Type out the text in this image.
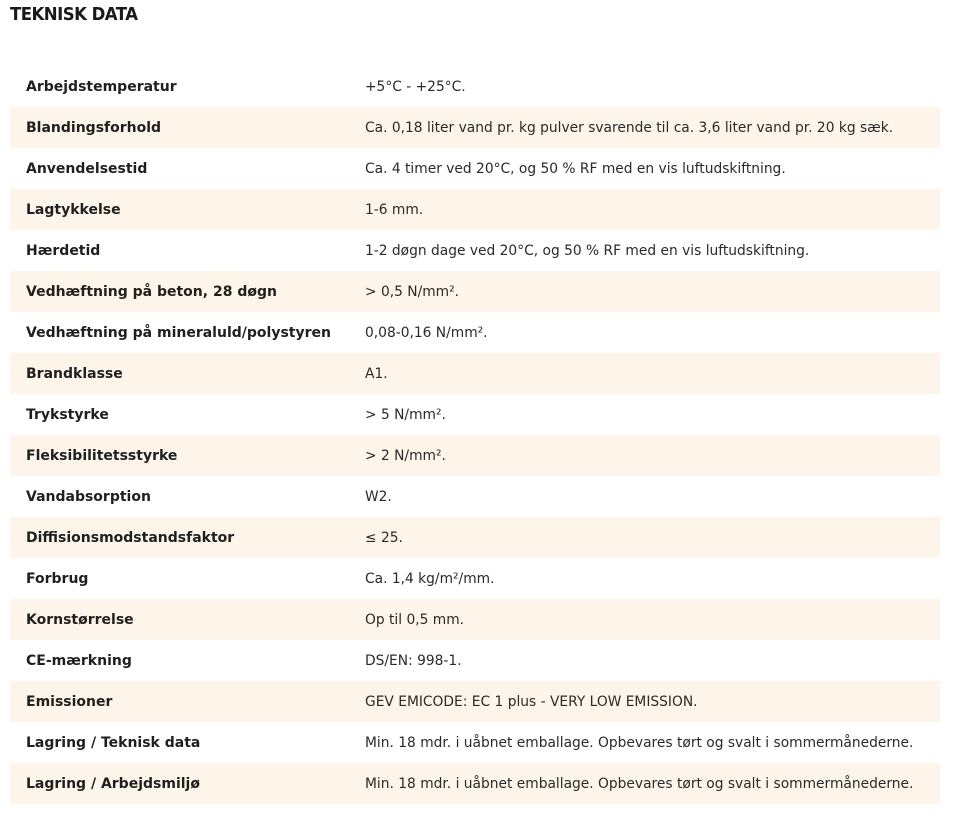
TEKNISK DATA
Arbejdstemperatur	+5°C - +25°C.
Blandingsforhold	Ca. 0,18 liter vand pr. kg pulver svarende til ca. 3,6 liter vand pr. 20 kg sæk.
Anvendelsestid	Ca. 4 timer ved 20°C, og 50 % RF med en vis luftudskiftning.
Lagtykkelse	1-6 mm.
Hærdetid	1-2 døgn dage ved 20°C, og 50 % RF med en vis luftudskiftning.
Vedhæftning på beton, 28 døgn	> 0,5 N/mm².
Vedhæftning på mineraluld/polystyren	0,08-0,16 N/mm².
Brandklasse	A1.
Trykstyrke	> 5 N/mm².
Fleksibilitetsstyrke	> 2 N/mm².
Vandabsorption	W2.
Diffisionsmodstandsfaktor	≤ 25.
Forbrug	Ca. 1,4 kg/m²/mm.
Kornstørrelse	Op til 0,5 mm.
CE-mærkning	DS/EN: 998-1.
Emissioner	GEV EMICODE: EC 1 plus - VERY LOW EMISSION.
Lagring / Teknisk data	Min. 18 mdr. i uåbnet emballage. Opbevares tørt og svalt i sommermånederne.
Lagring / Arbejdsmiljø	Min. 18 mdr. i uåbnet emballage. Opbevares tørt og svalt i sommermånederne.
